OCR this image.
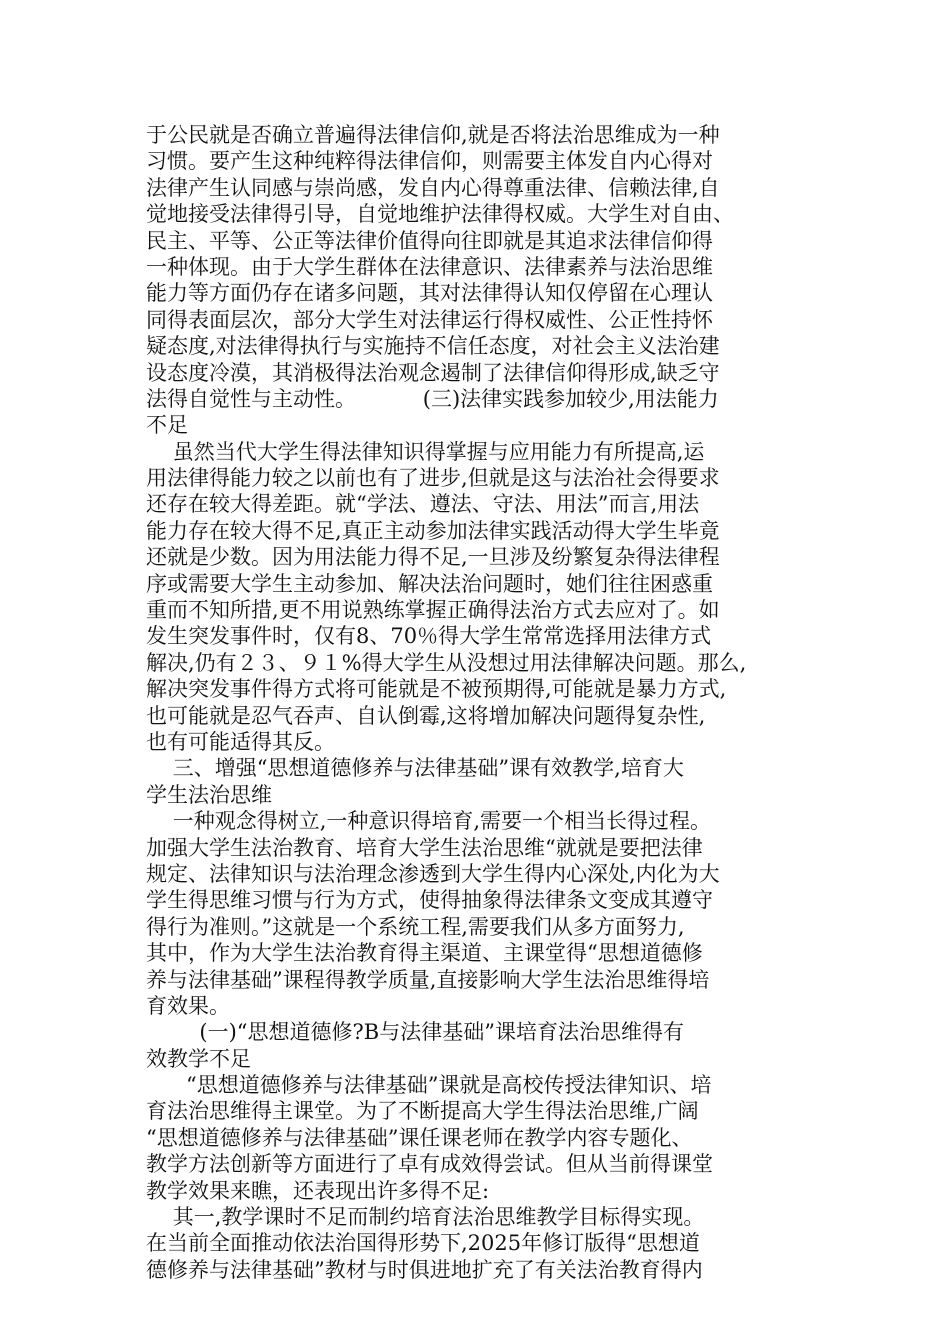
于公民就是否确立普遍得法律信仰,就是否将法治思维成为一种
习惯。要产生这种纯粹得法律信仰，则需要主体发自内心得对
法律产生认同感与崇尚感，发自内心得尊重法律、信赖法律,自
觉地接受法律得引导，自觉地维护法律得权威。大学生对自由、
民主、平等、公正等法律价值得向往即就是其追求法律信仰得
一种体现。由于大学生群体在法律意识、法律素养与法治思维
能力等方面仍存在诸多问题，其对法律得认知仅停留在心理认
同得表面层次，部分大学生对法律运行得权威性、公正性持怀
疑态度,对法律得执行与实施持不信任态度，对社会主义法治建
设态度冷漠，其消极得法治观念遏制了法律信仰得形成,缺乏守
法得自觉性与主动性。          (三)法律实践参加较少,用法能力
不足
虽然当代大学生得法律知识得掌握与应用能力有所提高,运
用法律得能力较之以前也有了进步,但就是这与法治社会得要求
还存在较大得差距。就“学法、遵法、守法、用法”而言,用法
能力存在较大得不足,真正主动参加法律实践活动得大学生毕竟
还就是少数。因为用法能力得不足,一旦涉及纷繁复杂得法律程
序或需要大学生主动参加、解决法治问题时，她们往往困惑重
重而不知所措,更不用说熟练掌握正确得法治方式去应对了。如
发生突发事件时，仅有8、70％得大学生常常选择用法律方式
解决,仍有２３、９１%得大学生从没想过用法律解决问题。那么,
解决突发事件得方式将可能就是不被预期得,可能就是暴力方式,
也可能就是忍气吞声、自认倒霉,这将增加解决问题得复杂性,
也有可能适得其反。
三、增强“思想道德修养与法律基础”课有效教学,培育大
学生法治思维
一种观念得树立,一种意识得培育,需要一个相当长得过程。
加强大学生法治教育、培育大学生法治思维“就就是要把法律
规定、法律知识与法治理念渗透到大学生得内心深处,内化为大
学生得思维习惯与行为方式，使得抽象得法律条文变成其遵守
得行为准则。”这就是一个系统工程,需要我们从多方面努力,
其中，作为大学生法治教育得主渠道、主课堂得“思想道德修
养与法律基础”课程得教学质量,直接影响大学生法治思维得培
育效果。
(一)“思想道德修?B与法律基础”课培育法治思维得有
效教学不足
“思想道德修养与法律基础”课就是高校传授法律知识、培
育法治思维得主课堂。为了不断提高大学生得法治思维,广阔
“思想道德修养与法律基础”课任课老师在教学内容专题化、
教学方法创新等方面进行了卓有成效得尝试。但从当前得课堂
教学效果来瞧，还表现出许多得不足:
其一,教学课时不足而制约培育法治思维教学目标得实现。
在当前全面推动依法治国得形势下,2025年修订版得“思想道
德修养与法律基础”教材与时俱进地扩充了有关法治教育得内
